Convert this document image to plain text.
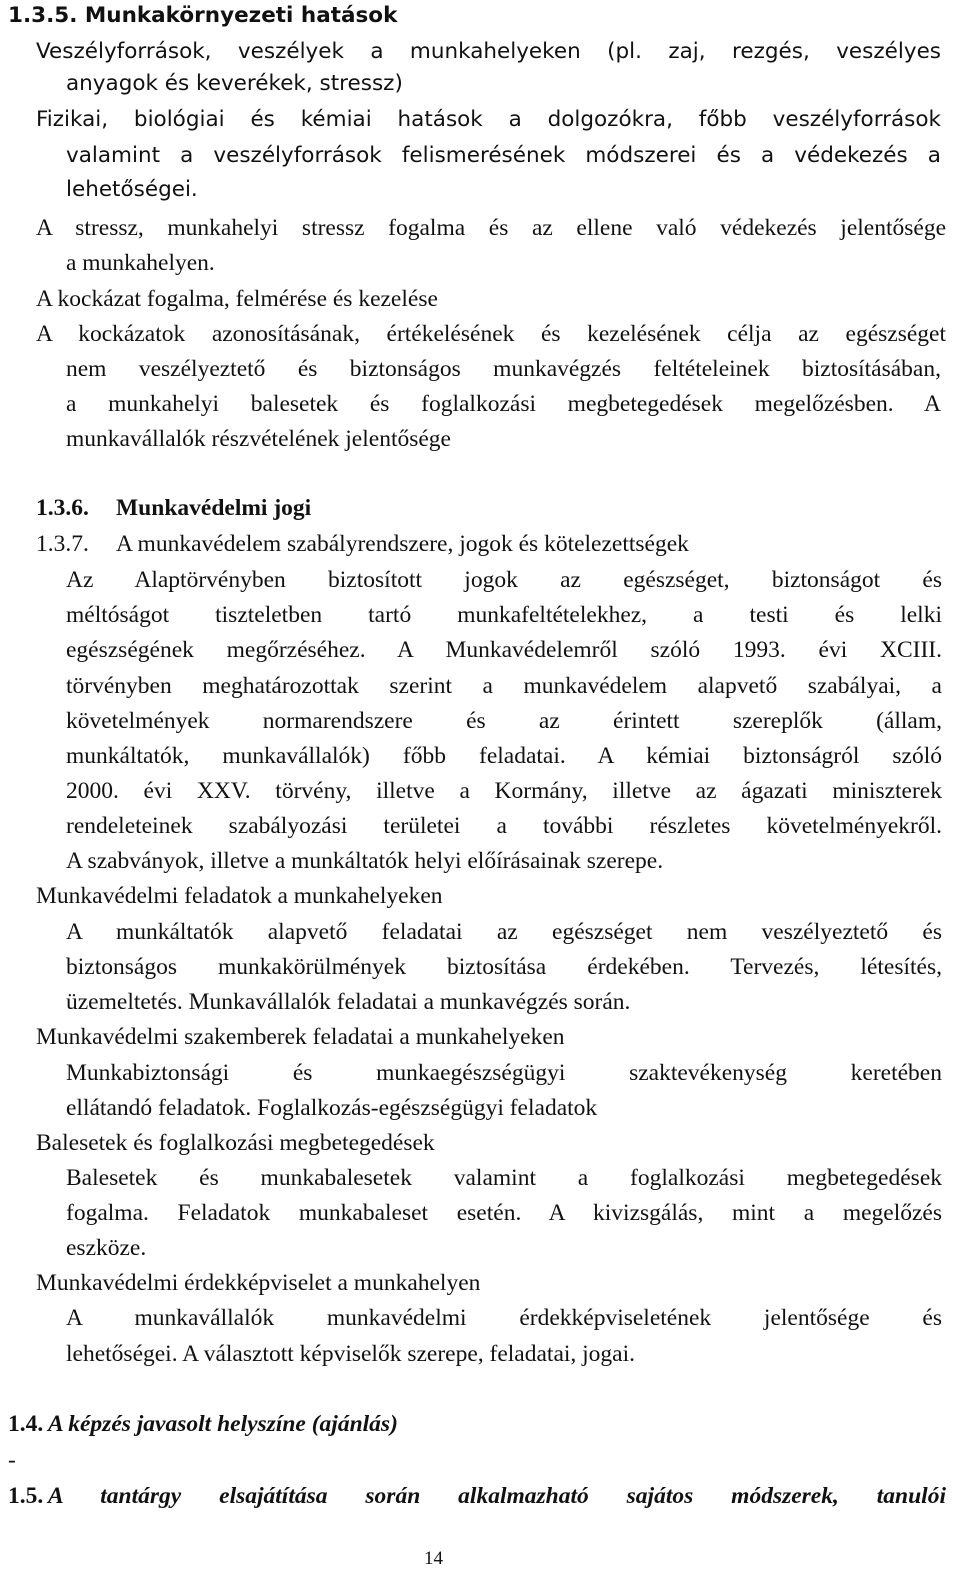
1.3.5. Munkakörnyezeti hatások
Veszélyforrások, veszélyek a munkahelyeken (pl. zaj, rezgés, veszélyes
anyagok és keverékek, stressz)
Fizikai, biológiai és kémiai hatások a dolgozókra, főbb veszélyforrások
valamint a veszélyforrások felismerésének módszerei és a védekezés a
lehetőségei.
A stressz, munkahelyi stressz fogalma és az ellene való védekezés jelentősége
a munkahelyen.
A kockázat fogalma, felmérése és kezelése
A kockázatok azonosításának, értékelésének és kezelésének célja az egészséget
nem veszélyeztető és biztonságos munkavégzés feltételeinek biztosításában,
a munkahelyi balesetek és foglalkozási megbetegedések megelőzésben. A
munkavállalók részvételének jelentősége
1.3.6. Munkavédelmi jogi
1.3.7. A munkavédelem szabályrendszere, jogok és kötelezettségek
Az Alaptörvényben biztosított jogok az egészséget, biztonságot és
méltóságot tiszteletben tartó munkafeltételekhez, a testi és lelki
egészségének megőrzéséhez. A Munkavédelemről szóló 1993. évi XCIII.
törvényben meghatározottak szerint a munkavédelem alapvető szabályai, a
követelmények normarendszere és az érintett szereplők (állam,
munkáltatók, munkavállalók) főbb feladatai. A kémiai biztonságról szóló
2000. évi XXV. törvény, illetve a Kormány, illetve az ágazati miniszterek
rendeleteinek szabályozási területei a további részletes követelményekről.
A szabványok, illetve a munkáltatók helyi előírásainak szerepe.
Munkavédelmi feladatok a munkahelyeken
A munkáltatók alapvető feladatai az egészséget nem veszélyeztető és
biztonságos munkakörülmények biztosítása érdekében. Tervezés, létesítés,
üzemeltetés. Munkavállalók feladatai a munkavégzés során.
Munkavédelmi szakemberek feladatai a munkahelyeken
Munkabiztonsági és munkaegészségügyi szaktevékenység keretében
ellátandó feladatok. Foglalkozás-egészségügyi feladatok
Balesetek és foglalkozási megbetegedések
Balesetek és munkabalesetek valamint a foglalkozási megbetegedések
fogalma. Feladatok munkabaleset esetén. A kivizsgálás, mint a megelőzés
eszköze.
Munkavédelmi érdekképviselet a munkahelyen
A munkavállalók munkavédelmi érdekképviseletének jelentősége és
lehetőségei. A választott képviselők szerepe, feladatai, jogai.
1.4. A képzés javasolt helyszíne (ajánlás)
-
1.5. A tantárgy elsajátítása során alkalmazható sajátos módszerek, tanulói
14
